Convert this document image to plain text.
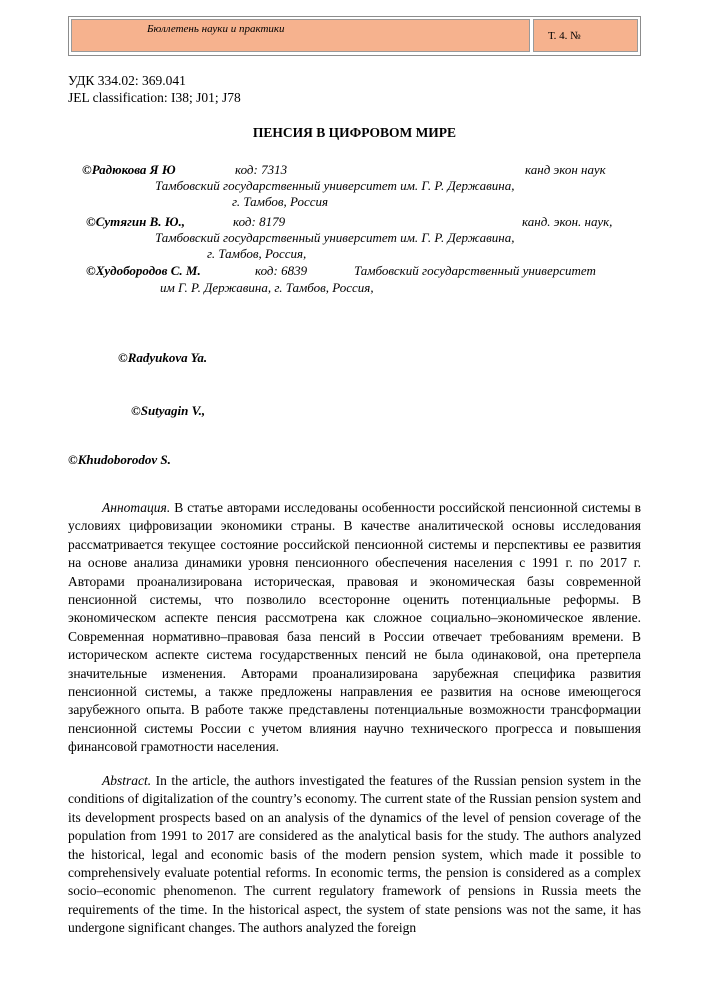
Бюллетень науки и практики
Т. 4. №
УДК 334.02: 369.041
JEL classification: I38; J01; J78
ПЕНСИЯ В ЦИФРОВОМ МИРЕ
©Радюкова Я Ю	код: 7313	канд экон наук
Тамбовский государственный университет им. Г. Р. Державина,
г. Тамбов, Россия
©Сутягин В. Ю.,	код: 8179	канд. экон. наук,
Тамбовский государственный университет им. Г. Р. Державина,
г. Тамбов, Россия,
©Худобородов С. М.	код: 6839	Тамбовский государственный университет
им Г. Р. Державина, г. Тамбов, Россия,
©Radyukova Ya.
©Sutyagin V.,
©Khudoborodov S.
Аннотация. В статье авторами исследованы особенности российской пенсионной системы в условиях цифровизации экономики страны. В качестве аналитической основы исследования рассматривается текущее состояние российской пенсионной системы и перспективы ее развития на основе анализа динамики уровня пенсионного обеспечения населения с 1991 г. по 2017 г. Авторами проанализирована историческая, правовая и экономическая базы современной пенсионной системы, что позволило всесторонне оценить потенциальные реформы. В экономическом аспекте пенсия рассмотрена как сложное социально–экономическое явление. Современная нормативно–правовая база пенсий в России отвечает требованиям времени. В историческом аспекте система государственных пенсий не была одинаковой, она претерпела значительные изменения. Авторами проанализирована зарубежная специфика развития пенсионной системы, а также предложены направления ее развития на основе имеющегося зарубежного опыта. В работе также представлены потенциальные возможности трансформации пенсионной системы России с учетом влияния научно технического прогресса и повышения финансовой грамотности населения.
Abstract. In the article, the authors investigated the features of the Russian pension system in the conditions of digitalization of the country’s economy. The current state of the Russian pension system and its development prospects based on an analysis of the dynamics of the level of pension coverage of the population from 1991 to 2017 are considered as the analytical basis for the study. The authors analyzed the historical, legal and economic basis of the modern pension system, which made it possible to comprehensively evaluate potential reforms. In economic terms, the pension is considered as a complex socio–economic phenomenon. The current regulatory framework of pensions in Russia meets the requirements of the time. In the historical aspect, the system of state pensions was not the same, it has undergone significant changes. The authors analyzed the foreign
